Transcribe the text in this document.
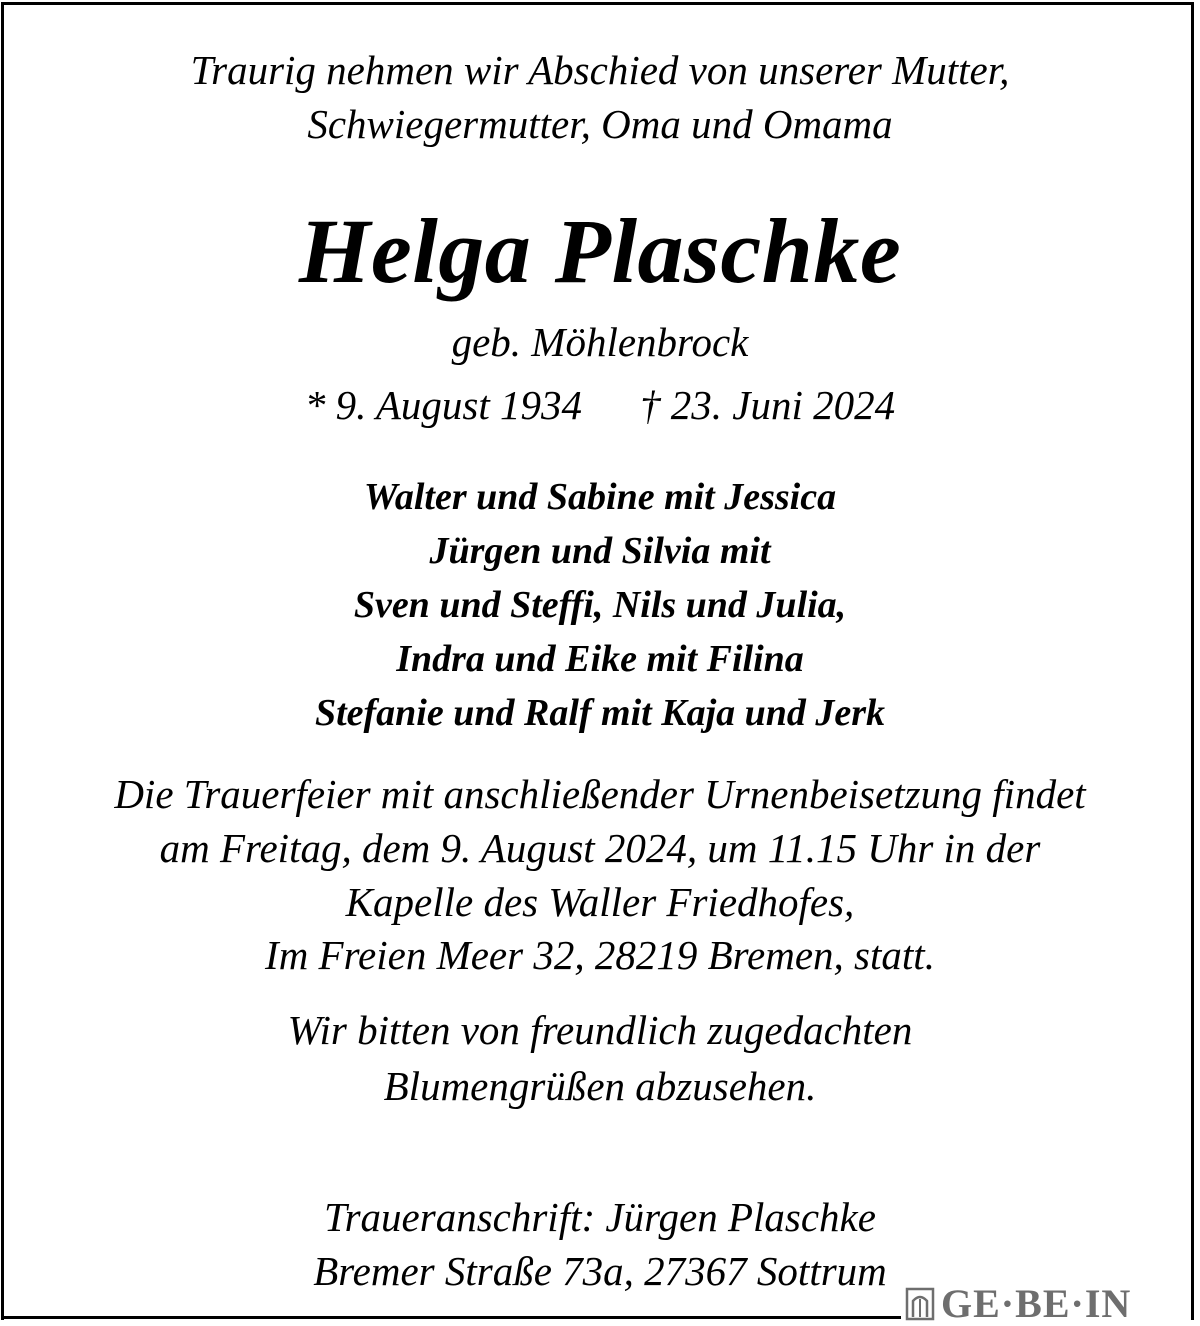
Traurig nehmen wir Abschied von unserer Mutter,
Schwiegermutter, Oma und Omama
Helga Plaschke
geb. Möhlenbrock
* 9. August 1934 † 23. Juni 2024
Walter und Sabine mit Jessica
Jürgen und Silvia mit
Sven und Steffi, Nils und Julia,
Indra und Eike mit Filina
Stefanie und Ralf mit Kaja und Jerk
Die Trauerfeier mit anschließender Urnenbeisetzung findet
am Freitag, dem 9. August 2024, um 11.15 Uhr in der
Kapelle des Waller Friedhofes,
Im Freien Meer 32, 28219 Bremen, statt.
Wir bitten von freundlich zugedachten
Blumengrüßen abzusehen.
Traueranschrift: Jürgen Plaschke
Bremer Straße 73a, 27367 Sottrum
GE·BE·IN
